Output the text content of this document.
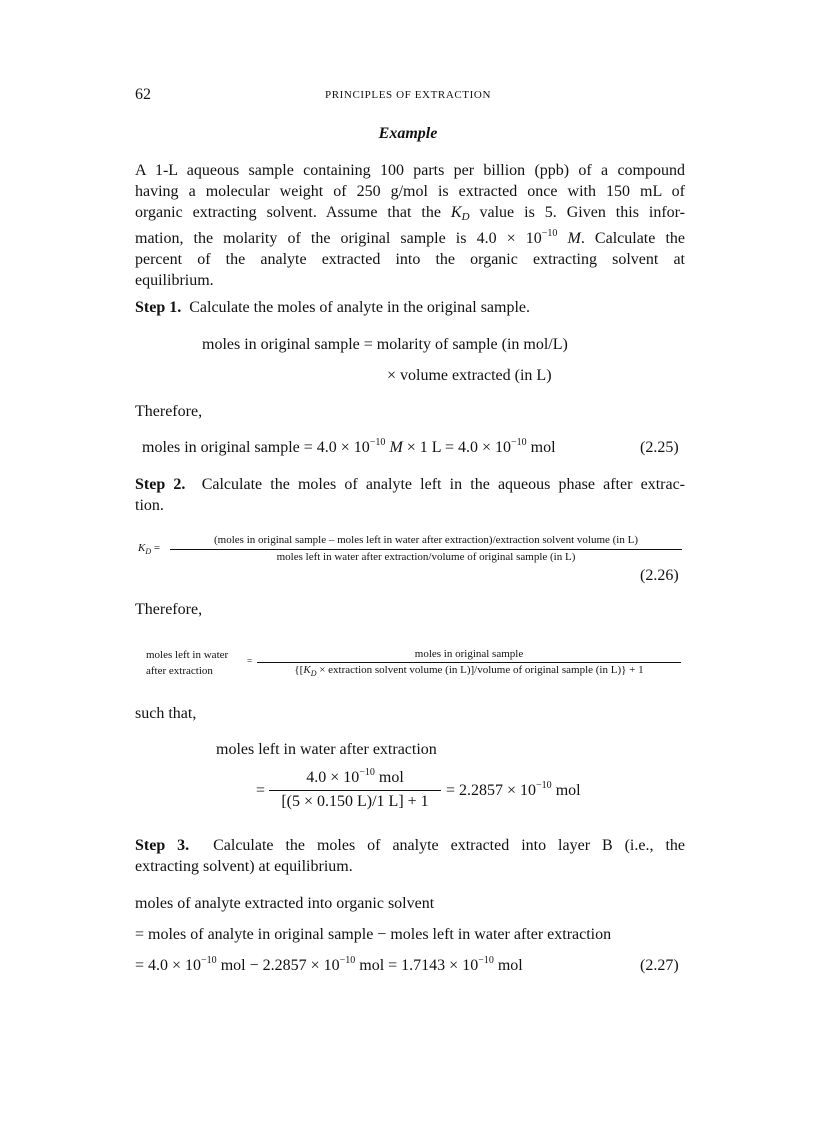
62	PRINCIPLES OF EXTRACTION
Example
A 1-L aqueous sample containing 100 parts per billion (ppb) of a compound
having a molecular weight of 250 g/mol is extracted once with 150 mL of
organic extracting solvent. Assume that the $K_D$ value is 5. Given this infor-
mation, the molarity of the original sample is $4.0 \times 10^{-10}$ M. Calculate the
percent of the analyte extracted into the organic extracting solvent at
equilibrium.
Step 1. Calculate the moles of analyte in the original sample.
moles in original sample = molarity of sample (in mol/L)
× volume extracted (in L)
Therefore,
moles in original sample = $4.0 \times 10^{-10}$ M × 1 $L = 4.0 \times 10^{-10}$ mol	(2.25)
Step 2. Calculate the moles of analyte left in the aqueous phase after extrac-
tion.
$K_D$ =
(moles in original sample – moles left in water after extraction)/extraction solvent volume (in L)
moles left in water after extraction/volume of original sample (in L)
(2.26)
Therefore,
moles left in water
after extraction
=
moles in original sample
{[$K_D$ × extraction solvent volume (in L)]/volume of original sample (in L)} + 1
such that,
moles left in water after extraction
=
$4.0 \times 10^{-10}$ mol
[(5 × 0.150 L)/1 L] + 1
= $2.2857 \times 10^{-10}$ mol
Step 3. Calculate the moles of analyte extracted into layer B (i.e., the
extracting solvent) at equilibrium.
moles of analyte extracted into organic solvent
= moles of analyte in original sample − moles left in water after extraction
= $4.0 \times 10^{-10}$ mol − $2.2857 \times 10^{-10}$ mol = $1.7143 \times 10^{-10}$ mol	(2.27)
